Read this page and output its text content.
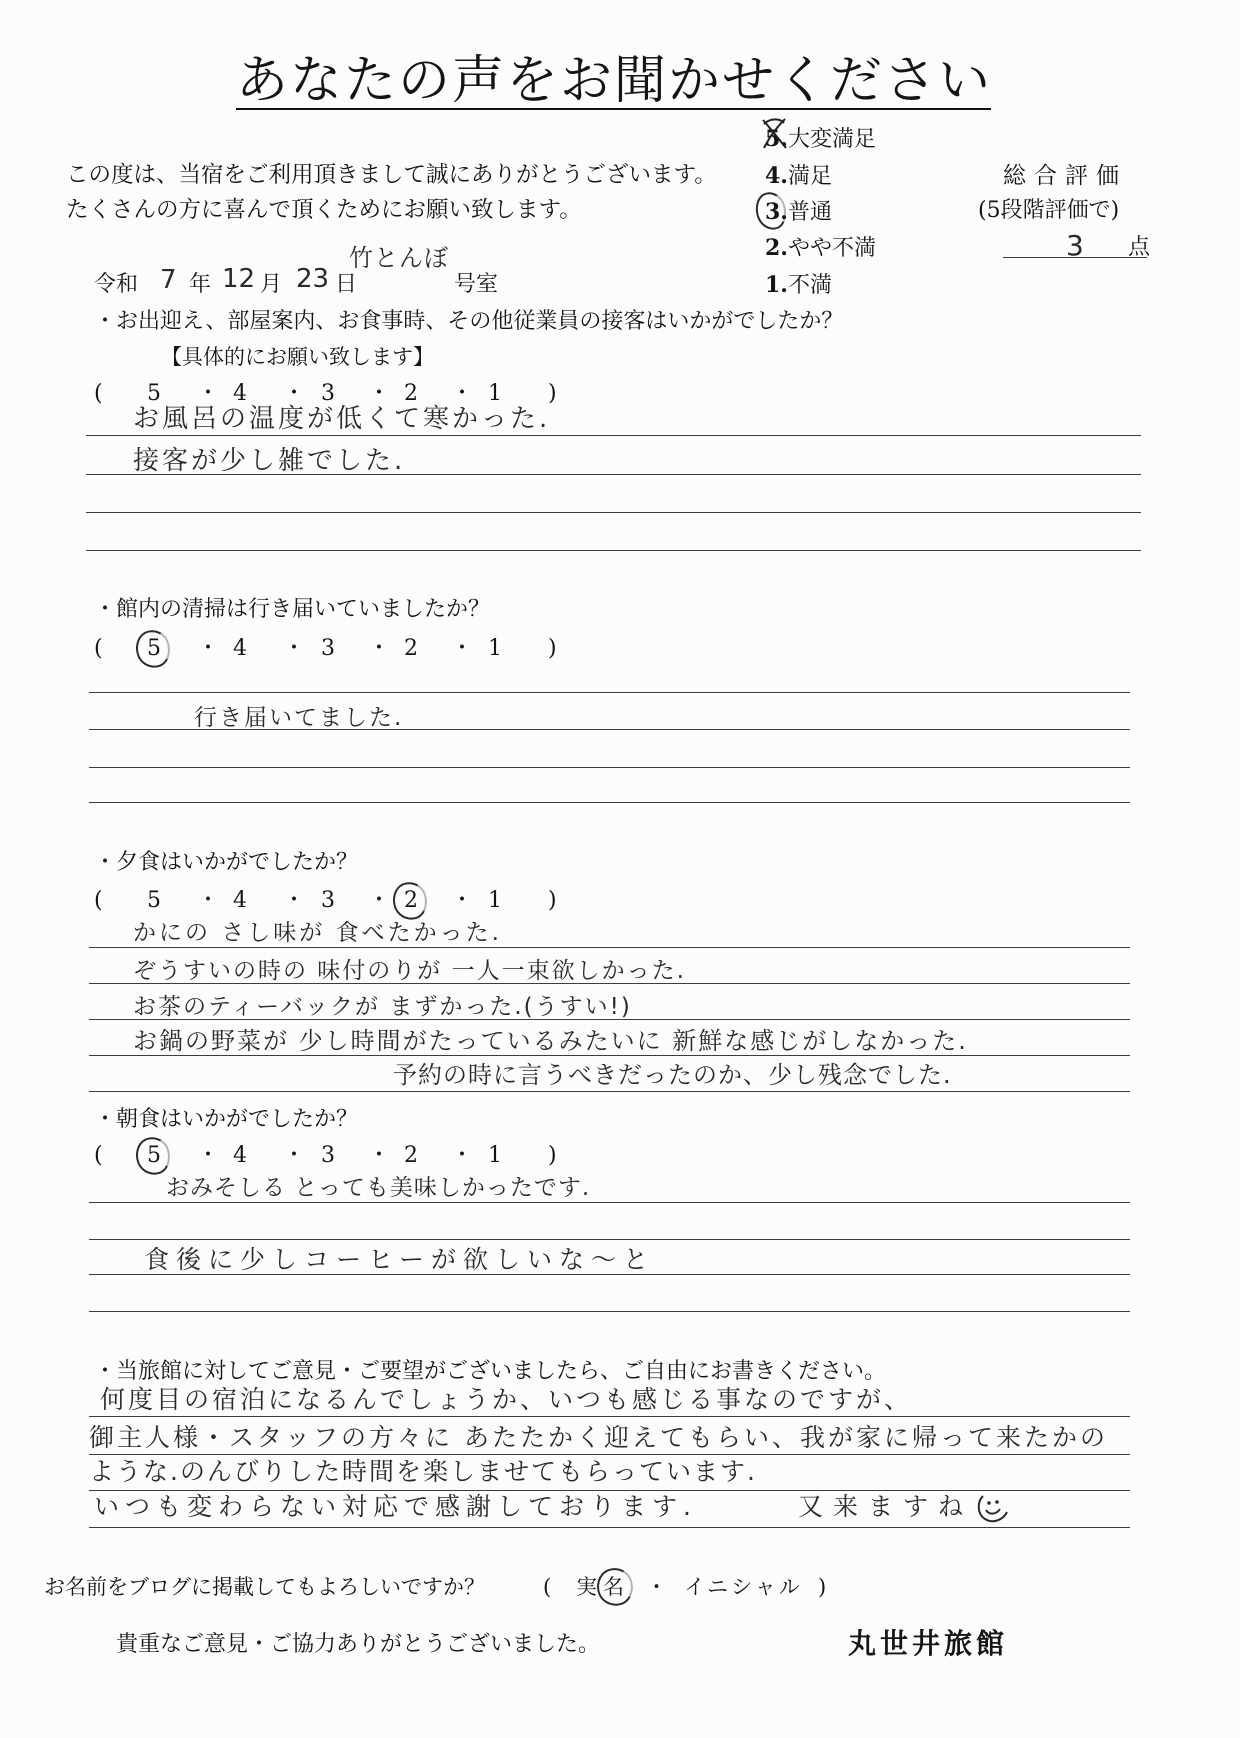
あなたの声をお聞かせください
この度は、当宿をご利用頂きまして誠にありがとうございます。
たくさんの方に喜んで頂くためにお願い致します。
5.大変満足
4.満足
3.普通
2.やや不満
1.不満
総合評価
(5段階評価で)
3 点
令和 7 年 12 月 23 日
竹とんぼ
号室
・お出迎え、部屋案内、お食事時、その他従業員の接客はいかがでしたか？
【具体的にお願い致します】
( 5 ・ 4 ・ 3 ・ 2 ・ 1 )
お風呂の温度が低くて寒かった.
接客が少し雑でした.
・館内の清掃は行き届いていましたか？
( 5 ・ 4 ・ 3 ・ 2 ・ 1 )
行き届いてました.
・夕食はいかがでしたか？
( 5 ・ 4 ・ 3 ・ 2 ・ 1 )
かにの さし味が 食べたかった.
ぞうすいの時の 味付のりが 一人一束欲しかった.
お茶のティーバックが まずかった.(うすい!)
お鍋の野菜が 少し時間がたっているみたいに 新鮮な感じがしなかった.
予約の時に言うべきだったのか、少し残念でした.
・朝食はいかがでしたか？
( 5 ・ 4 ・ 3 ・ 2 ・ 1 )
おみそしる とっても美味しかったです.
食後に少しコーヒーが欲しいな〜と
・当旅館に対してご意見・ご要望がございましたら、ご自由にお書きください。
何度目の宿泊になるんでしょうか、いつも感じる事なのですが、
御主人様・スタッフの方々に あたたかく迎えてもらい、我が家に帰って来たかの
ような.のんびりした時間を楽しませてもらっています.
いつも変わらない対応で感謝しております.	又来ますね
お名前をブログに掲載してもよろしいですか？	( 実名 ・ イニシャル )
貴重なご意見・ご協力ありがとうございました。	丸世井旅館
